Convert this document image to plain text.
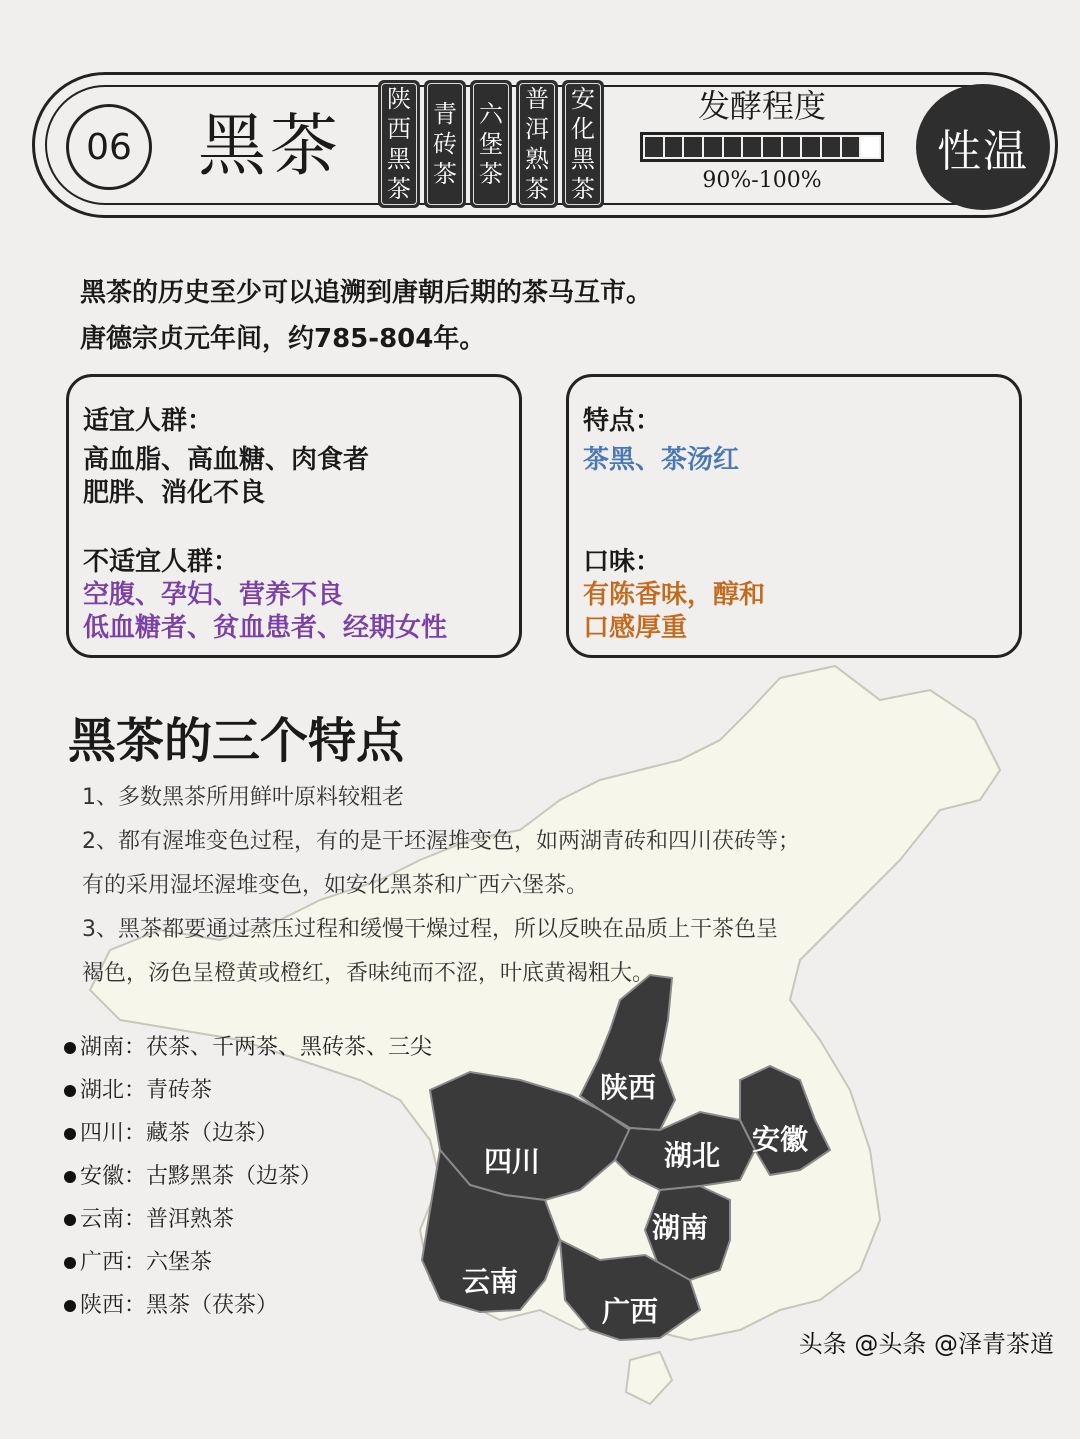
陕西
四川	湖北 安徽
湖南
云南
广西
06 黑茶
陕
西
黑
茶
青
砖
茶
六
堡
茶
普
洱
熟
茶
安
化
黑
茶
发酵程度
90%-100%
性温
黑茶的历史至少可以追溯到唐朝后期的茶马互市。
唐德宗贞元年间，约785-804年。
适宜人群：
高血脂、高血糖、肉食者
肥胖、消化不良
不适宜人群：
空腹、孕妇、营养不良
低血糖者、贫血患者、经期女性
特点：
茶黑、茶汤红
口味：
有陈香味，醇和
口感厚重
黑茶的三个特点
1、多数黑茶所用鲜叶原料较粗老
2、都有渥堆变色过程，有的是干坯渥堆变色，如两湖青砖和四川茯砖等；
有的采用湿坯渥堆变色，如安化黑茶和广西六堡茶。
3、黑茶都要通过蒸压过程和缓慢干燥过程，所以反映在品质上干茶色呈
褐色，汤色呈橙黄或橙红，香味纯而不涩，叶底黄褐粗大。
湖南：茯茶、千两茶、黑砖茶、三尖
湖北：青砖茶
四川：藏茶（边茶）
安徽：古黟黑茶（边茶）
云南：普洱熟茶
广西：六堡茶
陕西：黑茶（茯茶）
头条 @头条 @泽青茶道
